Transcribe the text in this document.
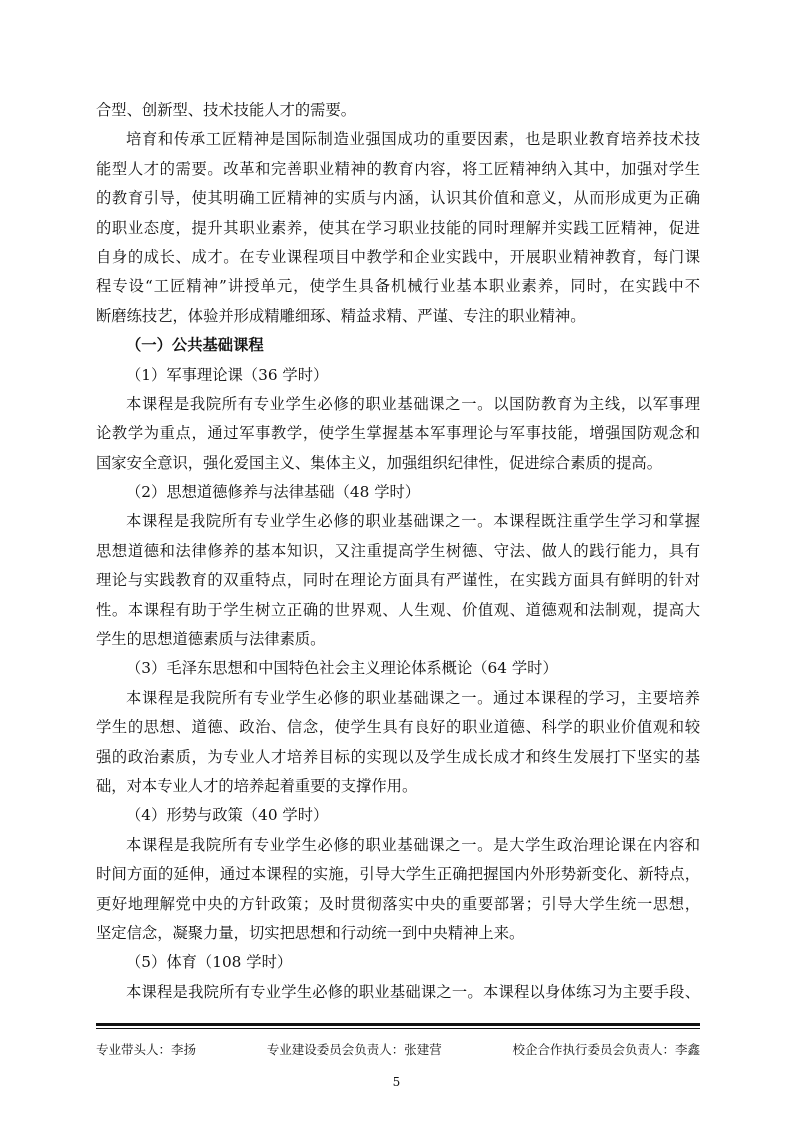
合型、创新型、技术技能人才的需要。
培育和传承工匠精神是国际制造业强国成功的重要因素，也是职业教育培养技术技
能型人才的需要。改革和完善职业精神的教育内容，将工匠精神纳入其中，加强对学生
的教育引导，使其明确工匠精神的实质与内涵，认识其价值和意义，从而形成更为正确
的职业态度，提升其职业素养，使其在学习职业技能的同时理解并实践工匠精神，促进
自身的成长、成才。在专业课程项目中教学和企业实践中，开展职业精神教育，每门课
程专设“工匠精神”讲授单元，使学生具备机械行业基本职业素养，同时，在实践中不
断磨练技艺，体验并形成精雕细琢、精益求精、严谨、专注的职业精神。
（一）公共基础课程
（1）军事理论课（36 学时）
本课程是我院所有专业学生必修的职业基础课之一。以国防教育为主线，以军事理
论教学为重点，通过军事教学，使学生掌握基本军事理论与军事技能，增强国防观念和
国家安全意识，强化爱国主义、集体主义，加强组织纪律性，促进综合素质的提高。
（2）思想道德修养与法律基础（48 学时）
本课程是我院所有专业学生必修的职业基础课之一。本课程既注重学生学习和掌握
思想道德和法律修养的基本知识，又注重提高学生树德、守法、做人的践行能力，具有
理论与实践教育的双重特点，同时在理论方面具有严谨性，在实践方面具有鲜明的针对
性。本课程有助于学生树立正确的世界观、人生观、价值观、道德观和法制观，提高大
学生的思想道德素质与法律素质。
（3）毛泽东思想和中国特色社会主义理论体系概论（64 学时）
本课程是我院所有专业学生必修的职业基础课之一。通过本课程的学习，主要培养
学生的思想、道德、政治、信念，使学生具有良好的职业道德、科学的职业价值观和较
强的政治素质，为专业人才培养目标的实现以及学生成长成才和终生发展打下坚实的基
础，对本专业人才的培养起着重要的支撑作用。
（4）形势与政策（40 学时）
本课程是我院所有专业学生必修的职业基础课之一。是大学生政治理论课在内容和
时间方面的延伸，通过本课程的实施，引导大学生正确把握国内外形势新变化、新特点，
更好地理解党中央的方针政策；及时贯彻落实中央的重要部署；引导大学生统一思想，
坚定信念，凝聚力量，切实把思想和行动统一到中央精神上来。
（5）体育（108 学时）
本课程是我院所有专业学生必修的职业基础课之一。本课程以身体练习为主要手段、
专业带头人：李扬	专业建设委员会负责人：张建营	校企合作执行委员会负责人：李鑫
5
